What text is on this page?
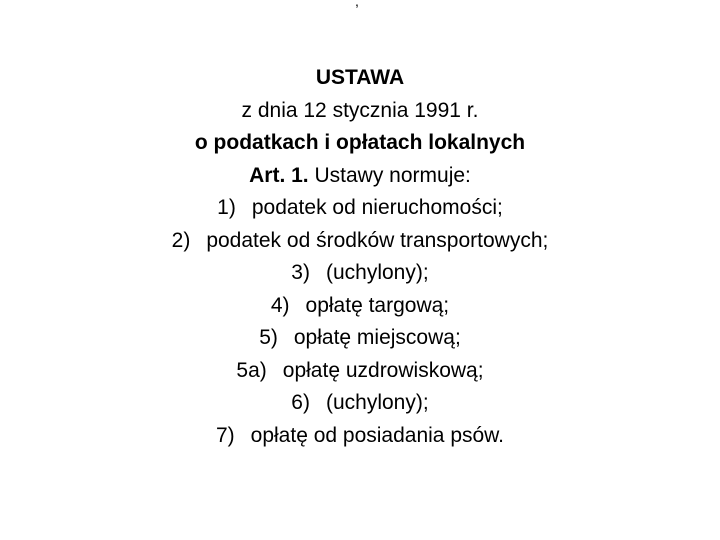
,
USTAWA
z dnia 12 stycznia 1991 r.
o podatkach i opłatach lokalnych
Art. 1. Ustawy normuje:
1) podatek od nieruchomości;
2) podatek od środków transportowych;
3) (uchylony);
4) opłatę targową;
5) opłatę miejscową;
5a) opłatę uzdrowiskową;
6) (uchylony);
7) opłatę od posiadania psów.
